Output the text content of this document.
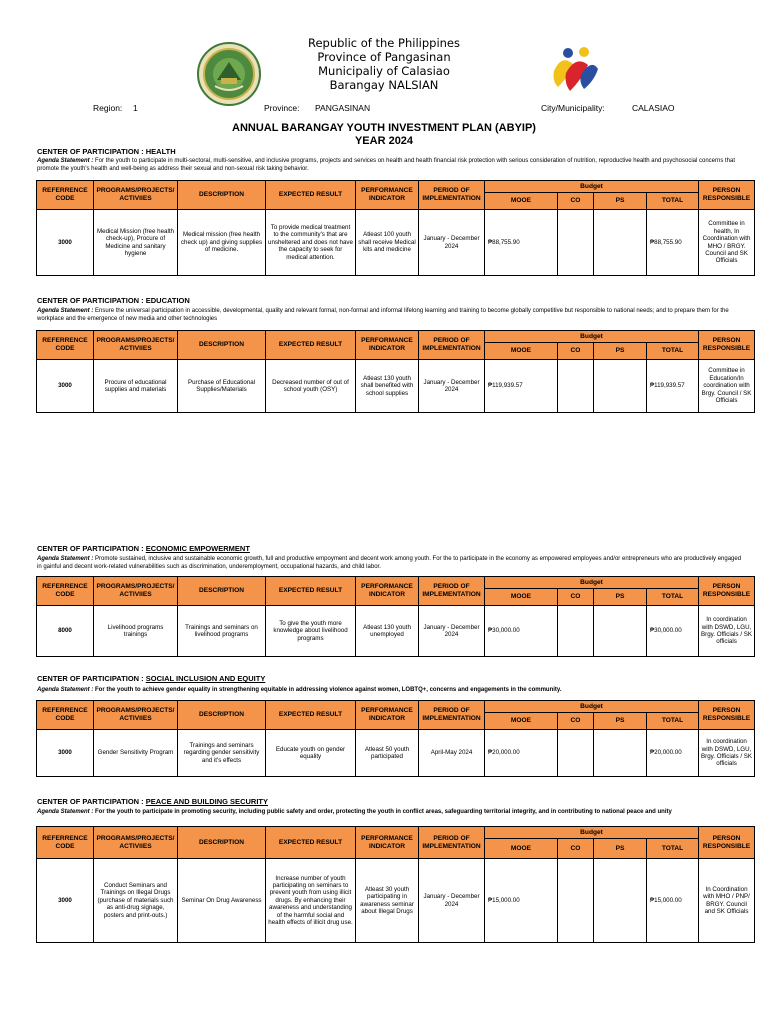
Republic of the Philippines
Province of Pangasinan
Municipaliy of Calasiao
Barangay NALSIAN
Region: 1	Province: PANGASINAN	City/Municipality:	CALASIAO
ANNUAL BARANGAY YOUTH INVESTMENT PLAN (ABYIP)
YEAR 2024
CENTER OF PARTICIPATION : HEALTH
Agenda Statement : For the youth to participate in multi-sectoral, multi-sensitive, and inclusive programs, projects and services on health and health financial risk protection with serious consideration of nutrition, reproductive health and psychosocial concerns that promote the youth's health and well-being as address their sexual and non-sexual risk taking behavior.
REFERRENCE CODE	PROGRAMS/PROJECTS/ ACTIVIIES	DESCRIPTION	EXPECTED RESULT	PERFORMANCE INDICATOR	PERIOD OF IMPLEMENTATION	Budget				PERSON RESPONSIBLE
						MOOE	CO	PS	TOTAL	
3000	Medical Mission (free health check-up), Procure of Medicine and sanitary hygiene	Medical mission (free health check up) and giving supplies of medicine.	To provide medical treatment to the community's that are unsheltered and does not have the capacity to seek for medical attention.	Atleast 100 youth shall receive Medical kits and medicine	January - December 2024	₱88,755.90			₱88,755.90	Committee in health, In Coordination with MHO / BRGY. Council and SK Officials
CENTER OF PARTICIPATION : EDUCATION
Agenda Statement : Ensure the universal participation in accessible, developmental, quality and relevant formal, non-formal and informal lifelong learning and training to become globally competitive but responsible to national needs; and to prepare them for the workplace and the emergence of new media and other technologies
REFERRENCE CODE	PROGRAMS/PROJECTS/ ACTIVIIES	DESCRIPTION	EXPECTED RESULT	PERFORMANCE INDICATOR	PERIOD OF IMPLEMENTATION	Budget				PERSON RESPONSIBLE
						MOOE	CO	PS	TOTAL	
3000	Procure of educational supplies and materials	Purchase of Educational Supplies/Materials	Decreased number of out of school youth (OSY)	Atleast 130 youth shall benefited with school supplies	January - December 2024	₱119,939.57			₱119,939.57	Committee in Education/In coordination with Brgy. Council / SK Officials
CENTER OF PARTICIPATION : ECONOMIC EMPOWERMENT
Agenda Statement : Promote sustained, inclusive and sustainable economic growth, full and productive empoyment and decent work among youth. For the to participate in the economy as empowered employees and/or entrepreneurs who are productively engaged in gainful and decent work-related vulnerabilities such as discrimination, underemployment, occupational hazards, and child labor.
REFERRENCE CODE	PROGRAMS/PROJECTS/ ACTIVIIES	DESCRIPTION	EXPECTED RESULT	PERFORMANCE INDICATOR	PERIOD OF IMPLEMENTATION	Budget				PERSON RESPONSIBLE
						MOOE	CO	PS	TOTAL	
8000	Livelihood programs trainings	Trainings and seminars on livelihood programs	To give the youth more knowledge about livelihood programs	Atleast 130 youth unemployed	January - December 2024	₱30,000.00			₱30,000.00	In coordination with DSWD, LGU, Brgy. Officials / SK officials
CENTER OF PARTICIPATION : SOCIAL INCLUSION AND EQUITY
Agenda Statement : For the youth to achieve gender equality in strengthening equitable in addressing violence against women, LOBTQ+, concerns and engagements in the community.
REFERRENCE CODE	PROGRAMS/PROJECTS/ ACTIVIIES	DESCRIPTION	EXPECTED RESULT	PERFORMANCE INDICATOR	PERIOD OF IMPLEMENTATION	Budget				PERSON RESPONSIBLE
						MOOE	CO	PS	TOTAL	
3000	Gender Sensitivity Program	Trainings and seminars regarding gender sensitivity and it's effects	Educate youth on gender equality	Atleast 50 youth participated	April-May 2024	₱20,000.00			₱20,000.00	In coordination with DSWD, LGU, Brgy. Officials / SK officials
CENTER OF PARTICIPATION : PEACE AND BUILDING SECURITY
Agenda Statement : For the youth to participate in promoting security, including public safety and order, protecting the youth in conflict areas, safeguarding territorial integrity, and in contributing to national peace and unity
REFERRENCE CODE	PROGRAMS/PROJECTS/ ACTIVIIES	DESCRIPTION	EXPECTED RESULT	PERFORMANCE INDICATOR	PERIOD OF IMPLEMENTATION	Budget				PERSON RESPONSIBLE
						MOOE	CO	PS	TOTAL	
3000	Conduct Seminars and Trainings on Illegal Drugs (purchase of materials such as anti-drug signage, posters and print-outs.)	Seminar On Drug Awareness	Increase number of youth participating on seminars to prevent youth from using illicit drugs. By enhancing their awareness and understanding of the harmful social and health effects of illicit drug use.	Atleast 30 youth participating in awareness seminar about Illegal Drugs	January - December 2024	₱15,000.00			₱15,000.00	In Coordination with MHO / PNP/ BRGY. Council and SK Officials
